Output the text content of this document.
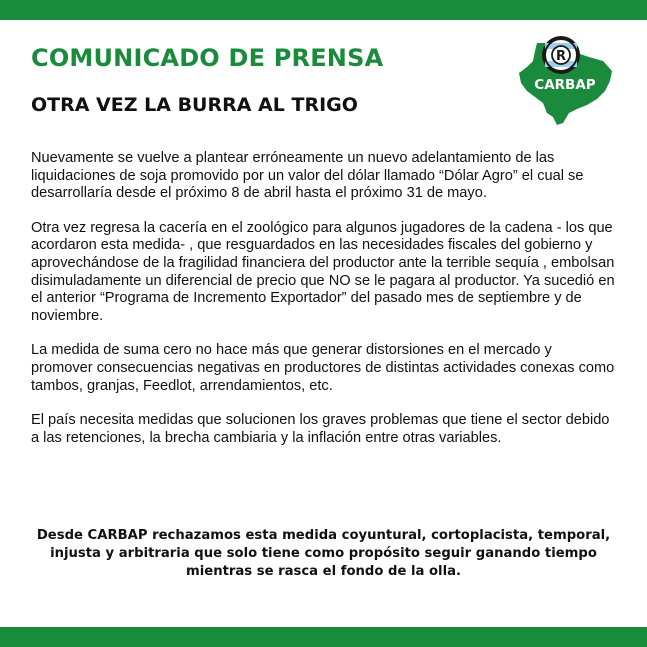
COMUNICADO DE PRENSA
OTRA VEZ LA BURRA AL TRIGO
R
CARBAP

Nuevamente se vuelve a plantear erróneamente un nuevo adelantamiento de las liquidaciones de soja promovido por un valor del dólar llamado “Dólar Agro” el cual se desarrollaría desde el próximo 8 de abril hasta el próximo 31 de mayo.

Otra vez regresa la cacería en el zoológico para algunos jugadores de la cadena - los que acordaron esta medida- , que resguardados en las necesidades fiscales del gobierno y aprovechándose de la fragilidad financiera del productor ante la terrible sequía , embolsan disimuladamente un diferencial de precio que NO se le pagara al productor. Ya sucedió en el anterior “Programa de Incremento Exportador” del pasado mes de septiembre y de noviembre.

La medida de suma cero no hace más que generar distorsiones en el mercado y promover consecuencias negativas en productores de distintas actividades conexas como tambos, granjas, Feedlot, arrendamientos, etc.

El país necesita medidas que solucionen los graves problemas que tiene el sector debido a las retenciones, la brecha cambiaria y la inflación entre otras variables.

Desde CARBAP rechazamos esta medida coyuntural, cortoplacista, temporal, injusta y arbitraria que solo tiene como propósito seguir ganando tiempo mientras se rasca el fondo de la olla.
